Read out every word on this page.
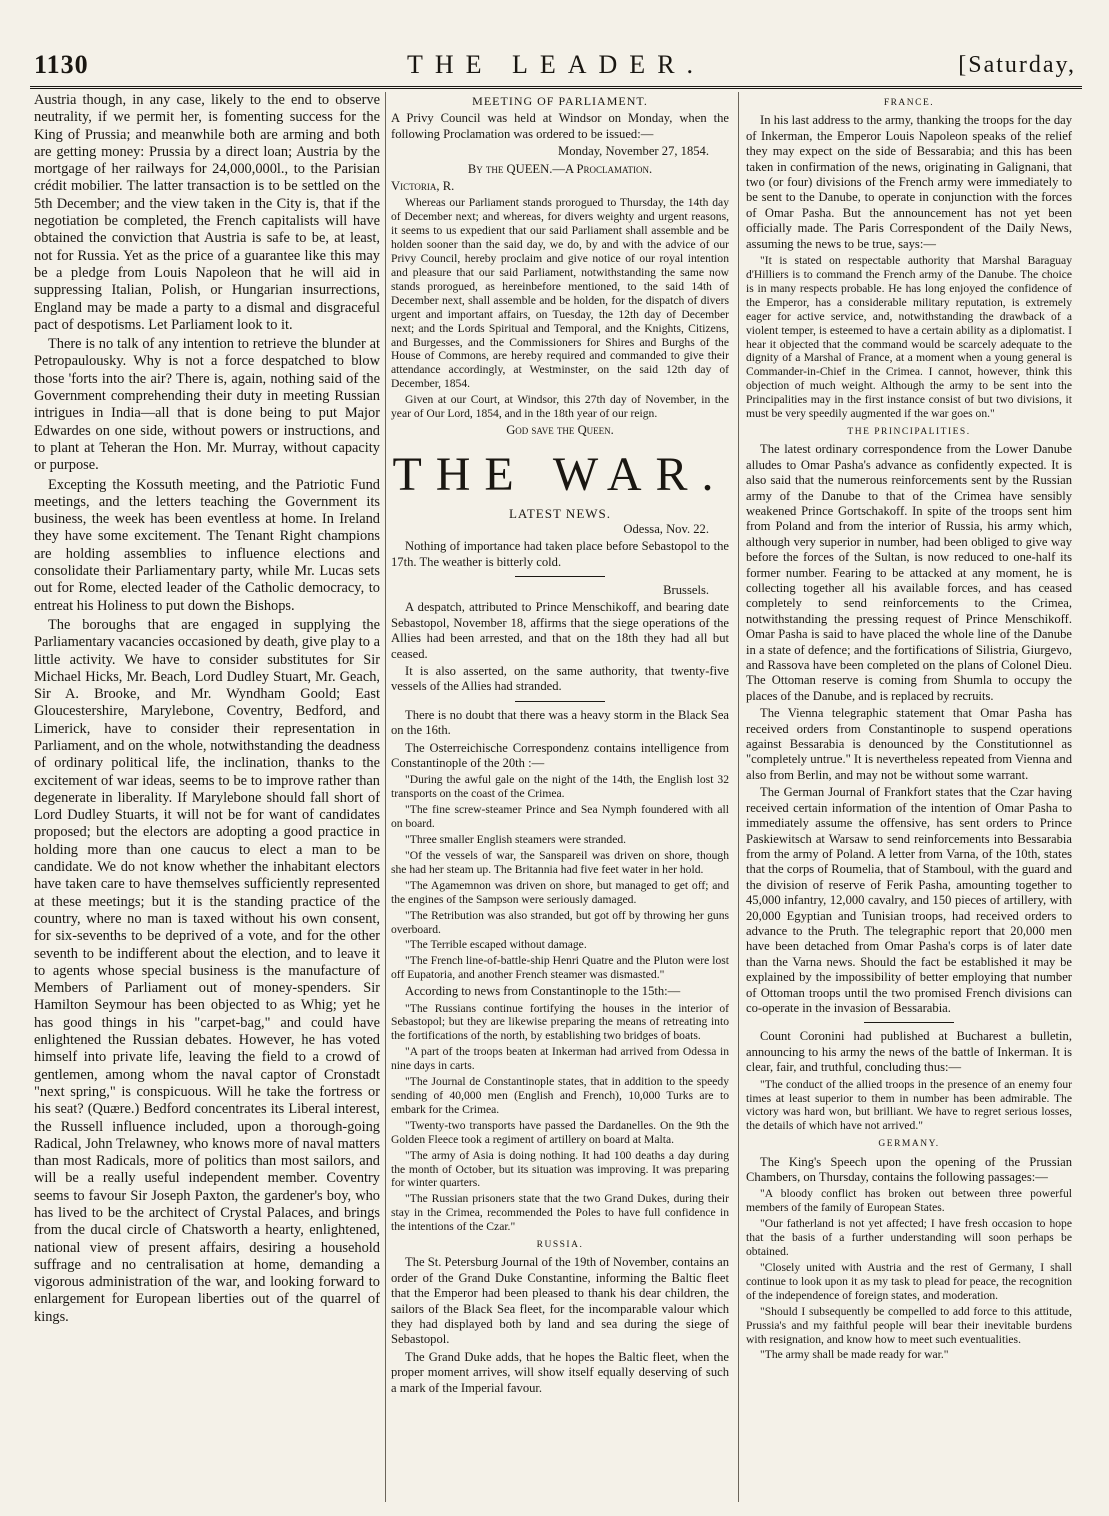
1130	THE LEADER.	[Saturday,

Austria though, in any case, likely to the end to observe neutrality, if we permit her, is fomenting success for the King of Prussia; and meanwhile both are arming and both are getting money: Prussia by a direct loan; Austria by the mortgage of her railways for 24,000,000l., to the Parisian crédit mobilier. The latter transaction is to be settled on the 5th December; and the view taken in the City is, that if the negotiation be completed, the French capitalists will have obtained the conviction that Austria is safe to be, at least, not for Russia. Yet as the price of a guarantee like this may be a pledge from Louis Napoleon that he will aid in suppressing Italian, Polish, or Hungarian insurrections, England may be made a party to a dismal and disgraceful pact of despotisms. Let Parliament look to it.

There is no talk of any intention to retrieve the blunder at Petropaulousky. Why is not a force despatched to blow those 'forts into the air? There is, again, nothing said of the Government comprehending their duty in meeting Russian intrigues in India—all that is done being to put Major Edwardes on one side, without powers or instructions, and to plant at Teheran the Hon. Mr. Murray, without capacity or purpose.

Excepting the Kossuth meeting, and the Patriotic Fund meetings, and the letters teaching the Government its business, the week has been eventless at home. In Ireland they have some excitement. The Tenant Right champions are holding assemblies to influence elections and consolidate their Parliamentary party, while Mr. Lucas sets out for Rome, elected leader of the Catholic democracy, to entreat his Holiness to put down the Bishops.

The boroughs that are engaged in supplying the Parliamentary vacancies occasioned by death, give play to a little activity. We have to consider substitutes for Sir Michael Hicks, Mr. Beach, Lord Dudley Stuart, Mr. Geach, Sir A. Brooke, and Mr. Wyndham Goold; East Gloucestershire, Marylebone, Coventry, Bedford, and Limerick, have to consider their representation in Parliament, and on the whole, notwithstanding the deadness of ordinary political life, the inclination, thanks to the excitement of war ideas, seems to be to improve rather than degenerate in liberality. If Marylebone should fall short of Lord Dudley Stuarts, it will not be for want of candidates proposed; but the electors are adopting a good practice in holding more than one caucus to elect a man to be candidate. We do not know whether the inhabitant electors have taken care to have themselves sufficiently represented at these meetings; but it is the standing practice of the country, where no man is taxed without his own consent, for six-sevenths to be deprived of a vote, and for the other seventh to be indifferent about the election, and to leave it to agents whose special business is the manufacture of Members of Parliament out of money-spenders. Sir Hamilton Seymour has been objected to as Whig; yet he has good things in his "carpet-bag," and could have enlightened the Russian debates. However, he has voted himself into private life, leaving the field to a crowd of gentlemen, among whom the naval captor of Cronstadt "next spring," is conspicuous. Will he take the fortress or his seat? (Quære.) Bedford concentrates its Liberal interest, the Russell influence included, upon a thorough-going Radical, John Trelawney, who knows more of naval matters than most Radicals, more of politics than most sailors, and will be a really useful independent member. Coventry seems to favour Sir Joseph Paxton, the gardener's boy, who has lived to be the architect of Crystal Palaces, and brings from the ducal circle of Chatsworth a hearty, enlightened, national view of present affairs, desiring a household suffrage and no centralisation at home, demanding a vigorous administration of the war, and looking forward to enlargement for European liberties out of the quarrel of kings.

MEETING OF PARLIAMENT.

A Privy Council was held at Windsor on Monday, when the following Proclamation was ordered to be issued:—

Monday, November 27, 1854.

By the QUEEN.—A Proclamation.

Victoria, R.

Whereas our Parliament stands prorogued to Thursday, the 14th day of December next; and whereas, for divers weighty and urgent reasons, it seems to us expedient that our said Parliament shall assemble and be holden sooner than the said day, we do, by and with the advice of our Privy Council, hereby proclaim and give notice of our royal intention and pleasure that our said Parliament, notwithstanding the same now stands prorogued, as hereinbefore mentioned, to the said 14th of December next, shall assemble and be holden, for the dispatch of divers urgent and important affairs, on Tuesday, the 12th day of December next; and the Lords Spiritual and Temporal, and the Knights, Citizens, and Burgesses, and the Commissioners for Shires and Burghs of the House of Commons, are hereby required and commanded to give their attendance accordingly, at Westminster, on the said 12th day of December, 1854.

Given at our Court, at Windsor, this 27th day of November, in the year of Our Lord, 1854, and in the 18th year of our reign.

God save the Queen.

THE WAR.

LATEST NEWS.

Odessa, Nov. 22.

Nothing of importance had taken place before Sebastopol to the 17th. The weather is bitterly cold.

Brussels.

A despatch, attributed to Prince Menschikoff, and bearing date Sebastopol, November 18, affirms that the siege operations of the Allies had been arrested, and that on the 18th they had all but ceased.

It is also asserted, on the same authority, that twenty-five vessels of the Allies had stranded.

There is no doubt that there was a heavy storm in the Black Sea on the 16th.

The Osterreichische Correspondenz contains intelligence from Constantinople of the 20th :—

"During the awful gale on the night of the 14th, the English lost 32 transports on the coast of the Crimea.

"The fine screw-steamer Prince and Sea Nymph foundered with all on board.

"Three smaller English steamers were stranded.

"Of the vessels of war, the Sanspareil was driven on shore, though she had her steam up. The Britannia had five feet water in her hold.

"The Agamemnon was driven on shore, but managed to get off; and the engines of the Sampson were seriously damaged.

"The Retribution was also stranded, but got off by throwing her guns overboard.

"The Terrible escaped without damage.

"The French line-of-battle-ship Henri Quatre and the Pluton were lost off Eupatoria, and another French steamer was dismasted."

According to news from Constantinople to the 15th:—

"The Russians continue fortifying the houses in the interior of Sebastopol; but they are likewise preparing the means of retreating into the fortifications of the north, by establishing two bridges of boats.

"A part of the troops beaten at Inkerman had arrived from Odessa in nine days in carts.

"The Journal de Constantinople states, that in addition to the speedy sending of 40,000 men (English and French), 10,000 Turks are to embark for the Crimea.

"Twenty-two transports have passed the Dardanelles. On the 9th the Golden Fleece took a regiment of artillery on board at Malta.

"The army of Asia is doing nothing. It had 100 deaths a day during the month of October, but its situation was improving. It was preparing for winter quarters.

"The Russian prisoners state that the two Grand Dukes, during their stay in the Crimea, recommended the Poles to have full confidence in the intentions of the Czar."

RUSSIA.

The St. Petersburg Journal of the 19th of November, contains an order of the Grand Duke Constantine, informing the Baltic fleet that the Emperor had been pleased to thank his dear children, the sailors of the Black Sea fleet, for the incomparable valour which they had displayed both by land and sea during the siege of Sebastopol.

The Grand Duke adds, that he hopes the Baltic fleet, when the proper moment arrives, will show itself equally deserving of such a mark of the Imperial favour.

FRANCE.

In his last address to the army, thanking the troops for the day of Inkerman, the Emperor Louis Napoleon speaks of the relief they may expect on the side of Bessarabia; and this has been taken in confirmation of the news, originating in Galignani, that two (or four) divisions of the French army were immediately to be sent to the Danube, to operate in conjunction with the forces of Omar Pasha. But the announcement has not yet been officially made. The Paris Correspondent of the Daily News, assuming the news to be true, says:—

"It is stated on respectable authority that Marshal Baraguay d'Hilliers is to command the French army of the Danube. The choice is in many respects probable. He has long enjoyed the confidence of the Emperor, has a considerable military reputation, is extremely eager for active service, and, notwithstanding the drawback of a violent temper, is esteemed to have a certain ability as a diplomatist. I hear it objected that the command would be scarcely adequate to the dignity of a Marshal of France, at a moment when a young general is Commander-in-Chief in the Crimea. I cannot, however, think this objection of much weight. Although the army to be sent into the Principalities may in the first instance consist of but two divisions, it must be very speedily augmented if the war goes on."

THE PRINCIPALITIES.

The latest ordinary correspondence from the Lower Danube alludes to Omar Pasha's advance as confidently expected. It is also said that the numerous reinforcements sent by the Russian army of the Danube to that of the Crimea have sensibly weakened Prince Gortschakoff. In spite of the troops sent him from Poland and from the interior of Russia, his army which, although very superior in number, had been obliged to give way before the forces of the Sultan, is now reduced to one-half its former number. Fearing to be attacked at any moment, he is collecting together all his available forces, and has ceased completely to send reinforcements to the Crimea, notwithstanding the pressing request of Prince Menschikoff. Omar Pasha is said to have placed the whole line of the Danube in a state of defence; and the fortifications of Silistria, Giurgevo, and Rassova have been completed on the plans of Colonel Dieu. The Ottoman reserve is coming from Shumla to occupy the places of the Danube, and is replaced by recruits.

The Vienna telegraphic statement that Omar Pasha has received orders from Constantinople to suspend operations against Bessarabia is denounced by the Constitutionnel as "completely untrue." It is nevertheless repeated from Vienna and also from Berlin, and may not be without some warrant.

The German Journal of Frankfort states that the Czar having received certain information of the intention of Omar Pasha to immediately assume the offensive, has sent orders to Prince Paskiewitsch at Warsaw to send reinforcements into Bessarabia from the army of Poland. A letter from Varna, of the 10th, states that the corps of Roumelia, that of Stamboul, with the guard and the division of reserve of Ferik Pasha, amounting together to 45,000 infantry, 12,000 cavalry, and 150 pieces of artillery, with 20,000 Egyptian and Tunisian troops, had received orders to advance to the Pruth. The telegraphic report that 20,000 men have been detached from Omar Pasha's corps is of later date than the Varna news. Should the fact be established it may be explained by the impossibility of better employing that number of Ottoman troops until the two promised French divisions can co-operate in the invasion of Bessarabia.

Count Coronini had published at Bucharest a bulletin, announcing to his army the news of the battle of Inkerman. It is clear, fair, and truthful, concluding thus:—

"The conduct of the allied troops in the presence of an enemy four times at least superior to them in number has been admirable. The victory was hard won, but brilliant. We have to regret serious losses, the details of which have not arrived."

GERMANY.

The King's Speech upon the opening of the Prussian Chambers, on Thursday, contains the following passages:—

"A bloody conflict has broken out between three powerful members of the family of European States.

"Our fatherland is not yet affected; I have fresh occasion to hope that the basis of a further understanding will soon perhaps be obtained.

"Closely united with Austria and the rest of Germany, I shall continue to look upon it as my task to plead for peace, the recognition of the independence of foreign states, and moderation.

"Should I subsequently be compelled to add force to this attitude, Prussia's and my faithful people will bear their inevitable burdens with resignation, and know how to meet such eventualities.

"The army shall be made ready for war."
